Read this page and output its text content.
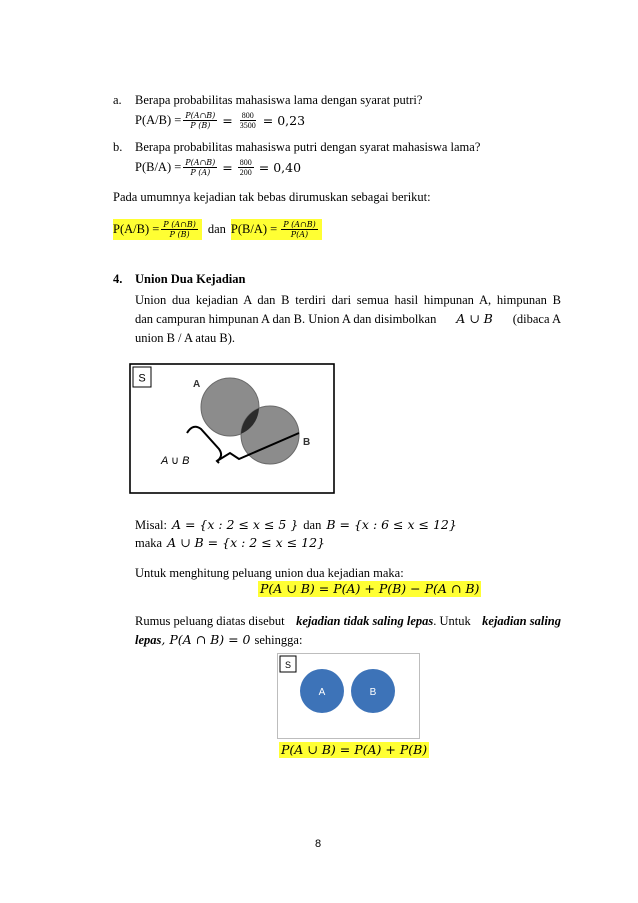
a. Berapa probabilitas mahasiswa lama dengan syarat putri?
$P(A/B) = \frac{P(A\cap B)}{P (B)} = \frac{800}{3500} = 0,23$
b. Berapa probabilitas mahasiswa putri dengan syarat mahasiswa lama?
$P(B/A) = \frac{P(A\cap B)}{P (A)} = \frac{800}{200} = 0,40$
Pada umumnya kejadian tak bebas dirumuskan sebagai berikut:
$P(A/B) = \frac{P (A\cap B)}{P (B)}$ dan $P(B/A) = \frac{P (A\cap B)}{P(A)}$
4. Union Dua Kejadian
Union dua kejadian A dan B terdiri dari semua hasil himpunan A, himpunan B
dan campuran himpunan A dan B. Union A dan disimbolkan A ∪ B (dibaca A
union B / A atau B).
S	A
B
A ∪ B
Misal: A = {x : 2 ≤ x ≤ 5 } dan B = {x : 6 ≤ x ≤ 12}
maka A ∪ B = {x : 2 ≤ x ≤ 12}
Untuk menghitung peluang union dua kejadian maka:
P(A ∪ B) = P(A) + P(B) − P(A ∩ B)
Rumus peluang diatas disebut kejadian tidak saling lepas. Untuk kejadian saling
lepas, P(A ∩ B) = 0 sehingga:
S
A	B
P(A ∪ B) = P(A) + P(B)
8
